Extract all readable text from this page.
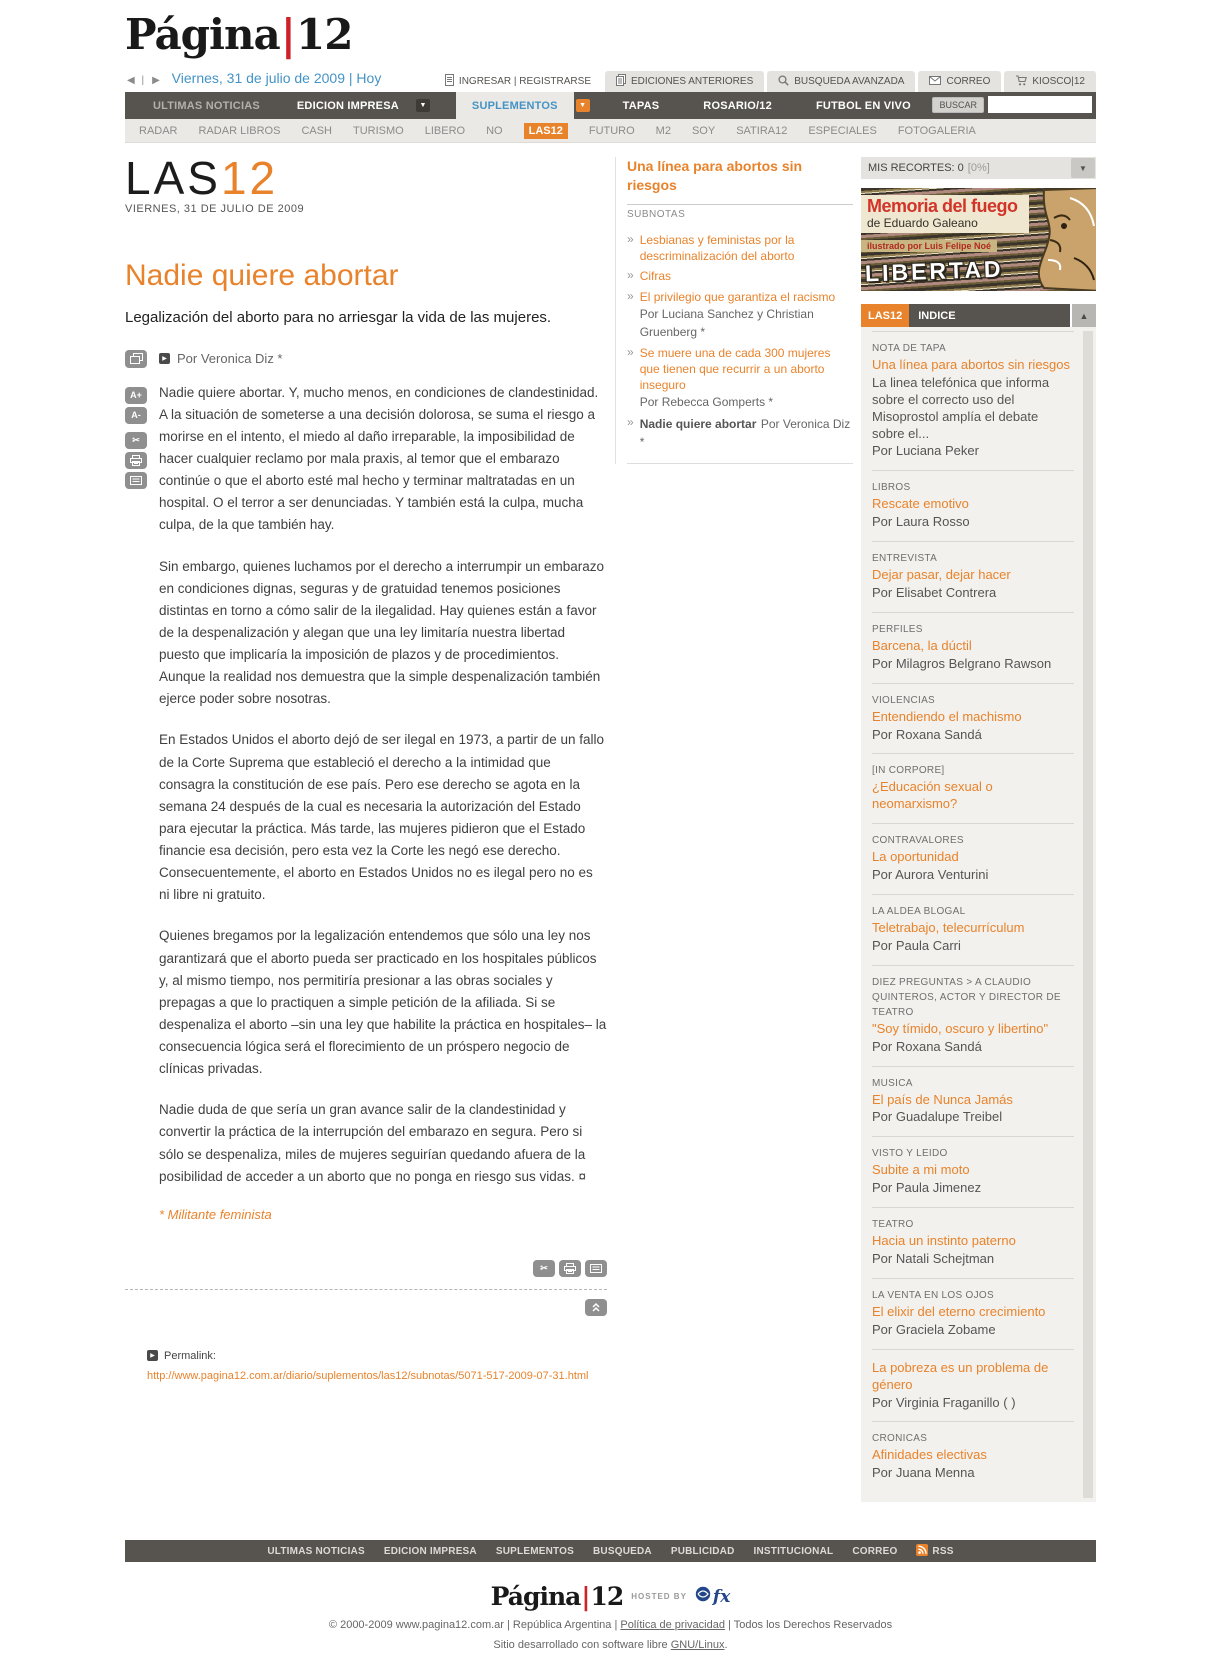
Página|12
◀ | ▶ Viernes, 31 de julio de 2009 | Hoy	INGRESAR | REGISTRARSE	EDICIONES ANTERIORES	BUSQUEDA AVANZADA	CORREO	KIOSCO|12
ULTIMAS NOTICIAS	EDICION IMPRESA	▼	SUPLEMENTOS	▼	TAPAS	ROSARIO/12	FUTBOL EN VIVO	BUSCAR
RADAR RADAR LIBROS CASH TURISMO LIBERO NO	LAS12	FUTURO M2 SOY SATIRA12 ESPECIALES FOTOGALERIA
LAS12
VIERNES, 31 DE JULIO DE 2009
Nadie quiere abortar
Legalización del aborto para no arriesgar la vida de las mujeres.
A+
A-
✂
▶ Por Veronica Diz *

Nadie quiere abortar. Y, mucho menos, en condiciones de clandestinidad. A la situación de someterse a una decisión dolorosa, se suma el riesgo a morirse en el intento, el miedo al daño irreparable, la imposibilidad de hacer cualquier reclamo por mala praxis, al temor que el embarazo continúe o que el aborto esté mal hecho y terminar maltratadas en un hospital. O el terror a ser denunciadas. Y también está la culpa, mucha culpa, de la que también hay.

Sin embargo, quienes luchamos por el derecho a interrumpir un embarazo en condiciones dignas, seguras y de gratuidad tenemos posiciones distintas en torno a cómo salir de la ilegalidad. Hay quienes están a favor de la despenalización y alegan que una ley limitaría nuestra libertad puesto que implicaría la imposición de plazos y de procedimientos. Aunque la realidad nos demuestra que la simple despenalización también ejerce poder sobre nosotras.

En Estados Unidos el aborto dejó de ser ilegal en 1973, a partir de un fallo de la Corte Suprema que estableció el derecho a la intimidad que consagra la constitución de ese país. Pero ese derecho se agota en la semana 24 después de la cual es necesaria la autorización del Estado para ejecutar la práctica. Más tarde, las mujeres pidieron que el Estado financie esa decisión, pero esta vez la Corte les negó ese derecho. Consecuentemente, el aborto en Estados Unidos no es ilegal pero no es ni libre ni gratuito.

Quienes bregamos por la legalización entendemos que sólo una ley nos garantizará que el aborto pueda ser practicado en los hospitales públicos y, al mismo tiempo, nos permitiría presionar a las obras sociales y prepagas a que lo practiquen a simple petición de la afiliada. Si se despenaliza el aborto –sin una ley que habilite la práctica en hospitales– la consecuencia lógica será el florecimiento de un próspero negocio de clínicas privadas.

Nadie duda de que sería un gran avance salir de la clandestinidad y convertir la práctica de la interrupción del embarazo en segura. Pero si sólo se despenaliza, miles de mujeres seguirían quedando afuera de la posibilidad de acceder a un aborto que no ponga en riesgo sus vidas. ¤

* Militante feminista
✂
▶ Permalink:
http://www.pagina12.com.ar/diario/suplementos/las12/subnotas/5071-517-2009-07-31.html
Una línea para abortos sin riesgos
SUBNOTAS
» Lesbianas y feministas por la descriminalización del aborto
» Cifras
» El privilegio que garantiza el racismo
Por Luciana Sanchez y Christian Gruenberg *
» Se muere una de cada 300 mujeres que tienen que recurrir a un aborto inseguro
Por Rebecca Gomperts *
» Nadie quiere abortar Por Veronica Diz *
MIS RECORTES: 0 [0%]	▼
Memoria del fuego
de Eduardo Galeano
ilustrado por Luis Felipe Noé
LIBERTAD
LAS12	INDICE	▲
NOTA DE TAPA
Una línea para abortos sin riesgos
La linea telefónica que informa sobre el correcto uso del Misoprostol amplía el debate sobre el...
Por Luciana Peker
LIBROS
Rescate emotivo
Por Laura Rosso
ENTREVISTA
Dejar pasar, dejar hacer
Por Elisabet Contrera
PERFILES
Barcena, la dúctil
Por Milagros Belgrano Rawson
VIOLENCIAS
Entendiendo el machismo
Por Roxana Sandá
[IN CORPORE]
¿Educación sexual o neomarxismo?
CONTRAVALORES
La oportunidad
Por Aurora Venturini
LA ALDEA BLOGAL
Teletrabajo, telecurrículum
Por Paula Carri
DIEZ PREGUNTAS > A CLAUDIO QUINTEROS, ACTOR Y DIRECTOR DE TEATRO
"Soy tímido, oscuro y libertino"
Por Roxana Sandá
MUSICA
El país de Nunca Jamás
Por Guadalupe Treibel
VISTO Y LEIDO
Subite a mi moto
Por Paula Jimenez
TEATRO
Hacia un instinto paterno
Por Natali Schejtman
LA VENTA EN LOS OJOS
El elixir del eterno crecimiento
Por Graciela Zobame
La pobreza es un problema de género
Por Virginia Fraganillo ( )
CRONICAS
Afinidades electivas
Por Juana Menna
ULTIMAS NOTICIAS EDICION IMPRESA SUPLEMENTOS BUSQUEDA PUBLICIDAD INSTITUCIONAL CORREO	RSS
Página|12 HOSTED BY fx
© 2000-2009 www.pagina12.com.ar | República Argentina | Política de privacidad | Todos los Derechos Reservados
Sitio desarrollado con software libre GNU/Linux.
